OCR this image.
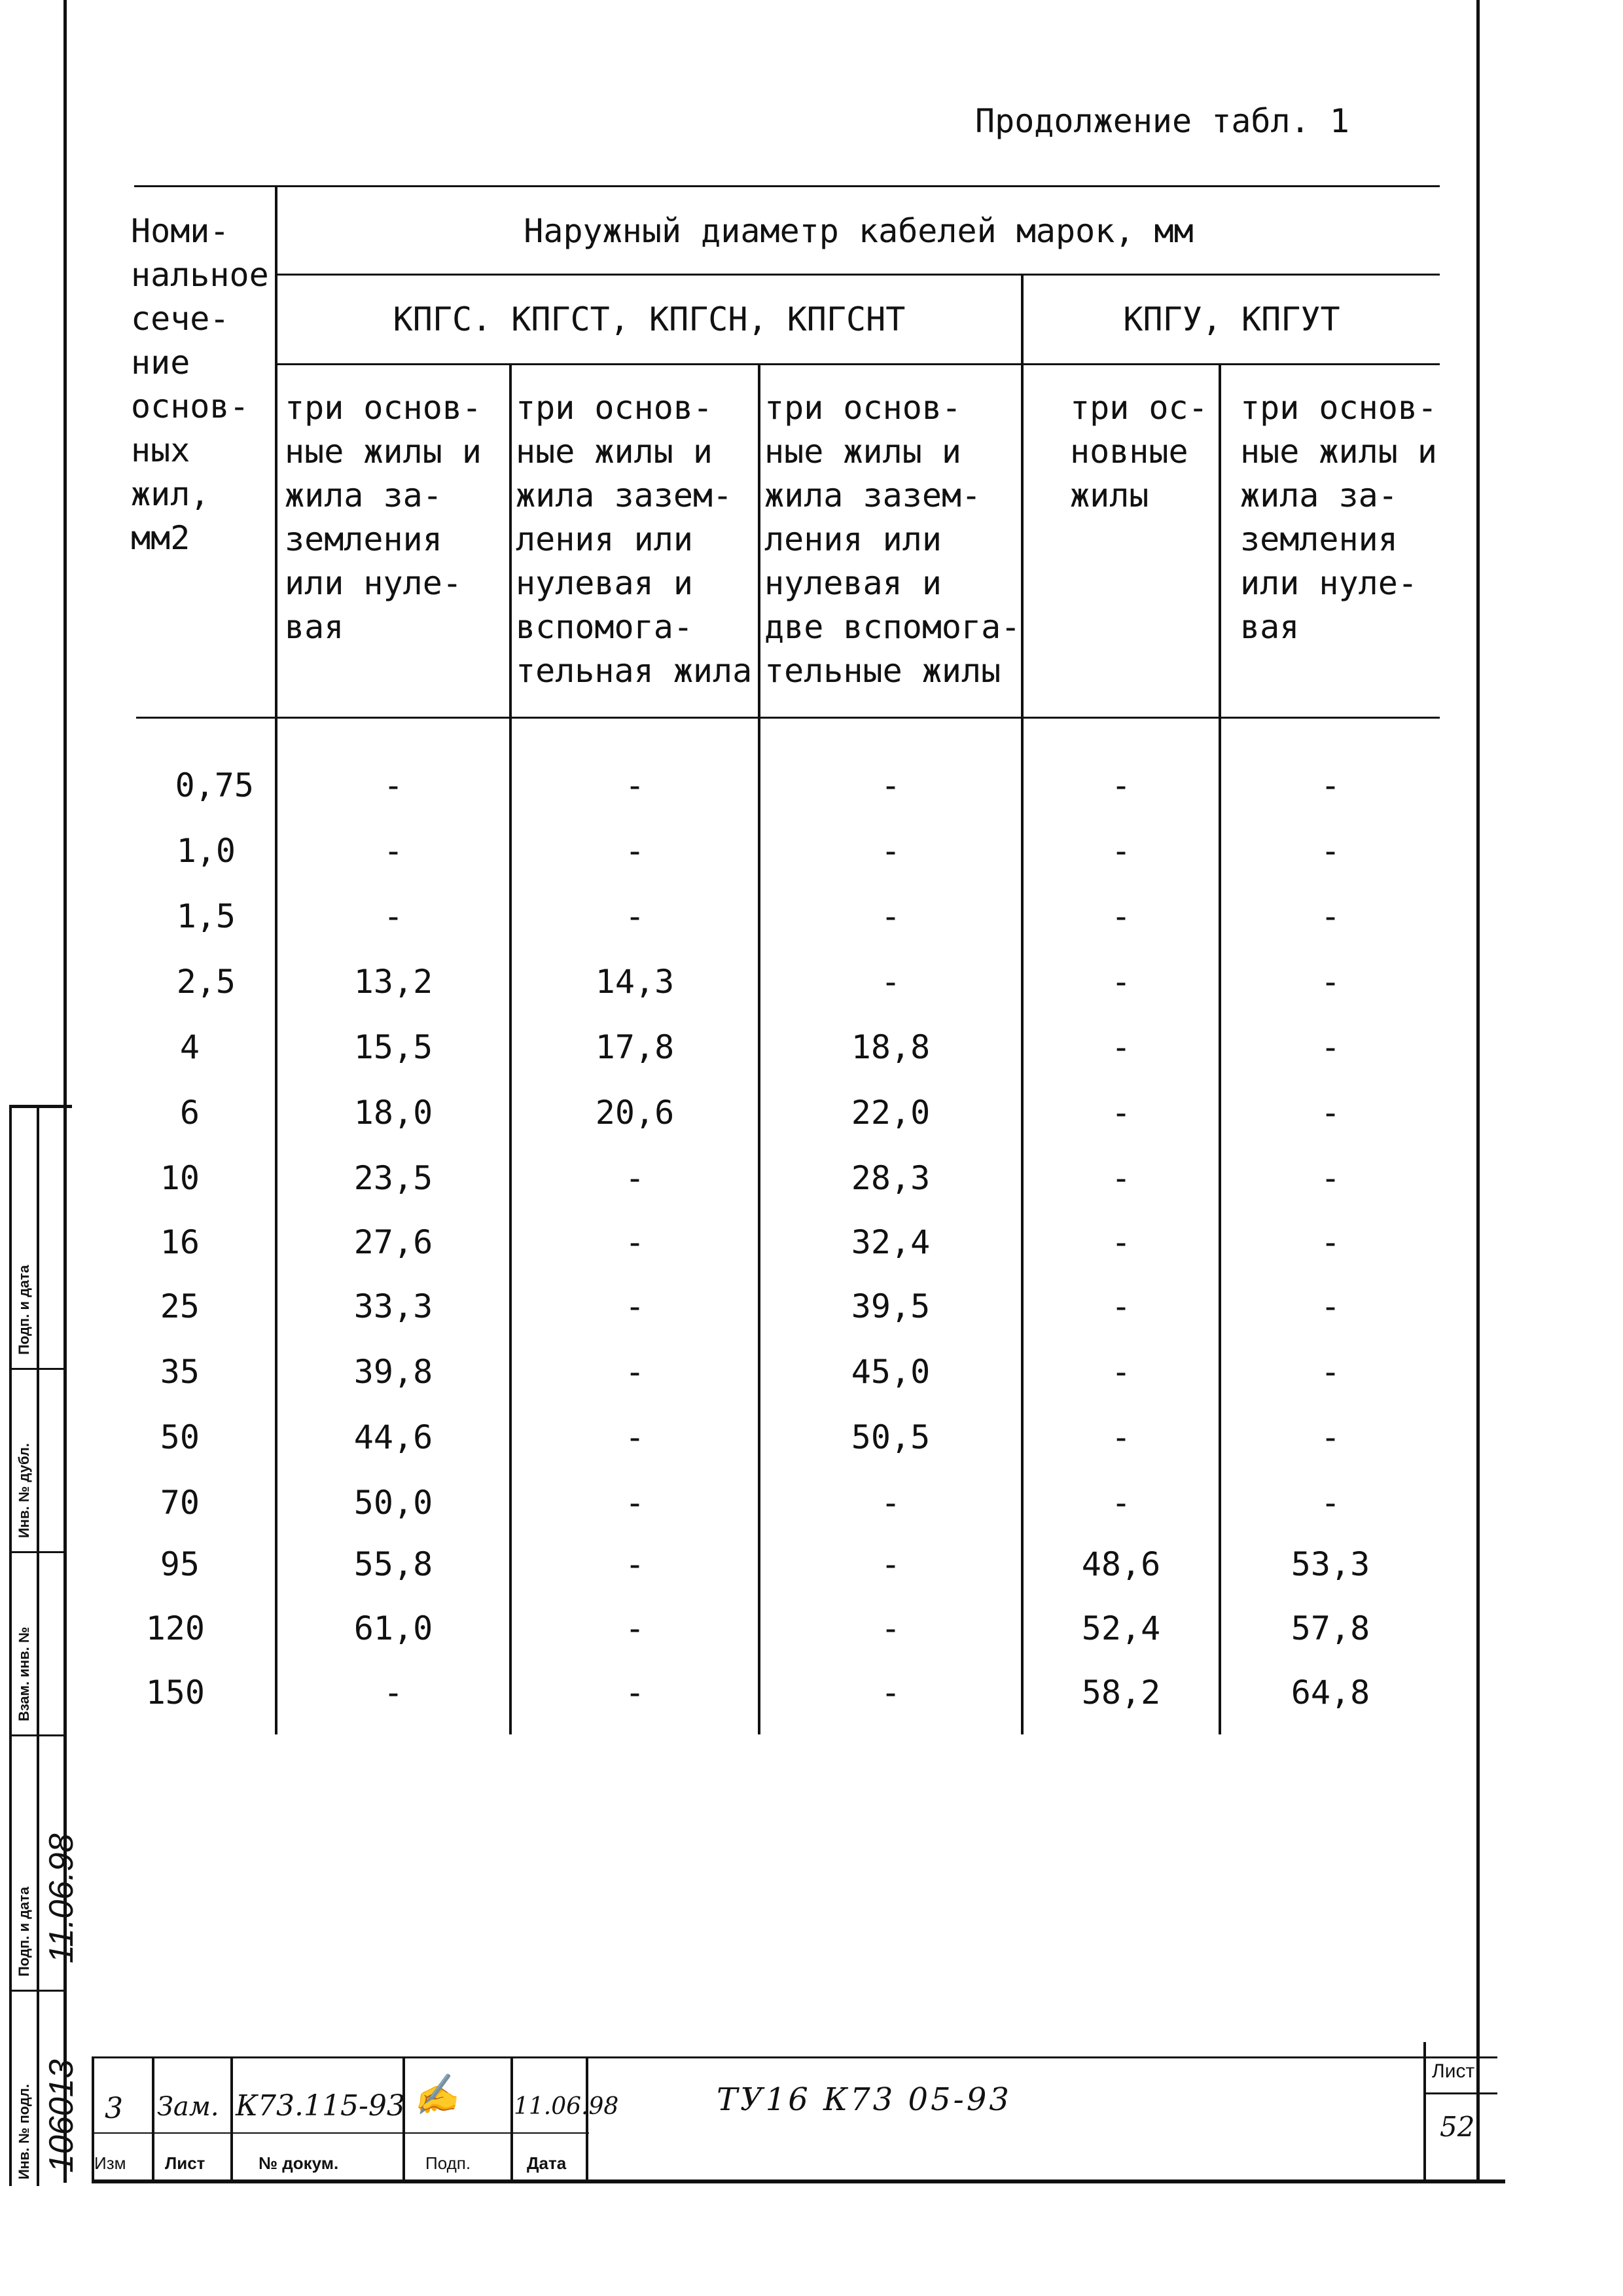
Продолжение табл. 1
Номи-
нальное
сече-
ние
основ-
ных
жил,
мм2
Наружный диаметр кабелей марок, мм
КПГС. КПГСТ, КПГСН, КПГСНТ	КПГУ, КПГУТ
три основ-
ные жилы и
жила за-
земления
или нуле-
вая
три основ-
ные жилы и
жила зазем-
ления или
нулевая и
вспомога-
тельная жила
три основ-
ные жилы и
жила зазем-
ления или
нулевая и
две вспомога-
тельные жилы
три ос-
новные
жилы
три основ-
ные жилы и
жила за-
земления
или нуле-
вая
0,75	-	-	-	-	-
1,0	-	-	-	-	-
1,5	-	-	-	-	-
2,5	13,2	14,3	-	-	-
4	15,5	17,8	18,8	-	-
6	18,0	20,6	22,0	-	-
10	23,5	-	28,3	-	-
16	27,6	-	32,4	-	-
25	33,3	-	39,5	-	-
35	39,8	-	45,0	-	-
50	44,6	-	50,5	-	-
70	50,0	-	-	-	-
95	55,8	-	-	48,6	53,3
120	61,0	-	-	52,4	57,8
150	-	-	-	58,2	64,8
3 Зам. К73.115-93 ✍ 11.06.98	ТУ16 К73 05-93
Изм Лист	№ докум.	Подп.	Дата
Лист
52
Инв. № подл.
Подп. и дата
Взам. инв. №
Инв. № дубл.
Подп. и дата
106013
11.06.98
